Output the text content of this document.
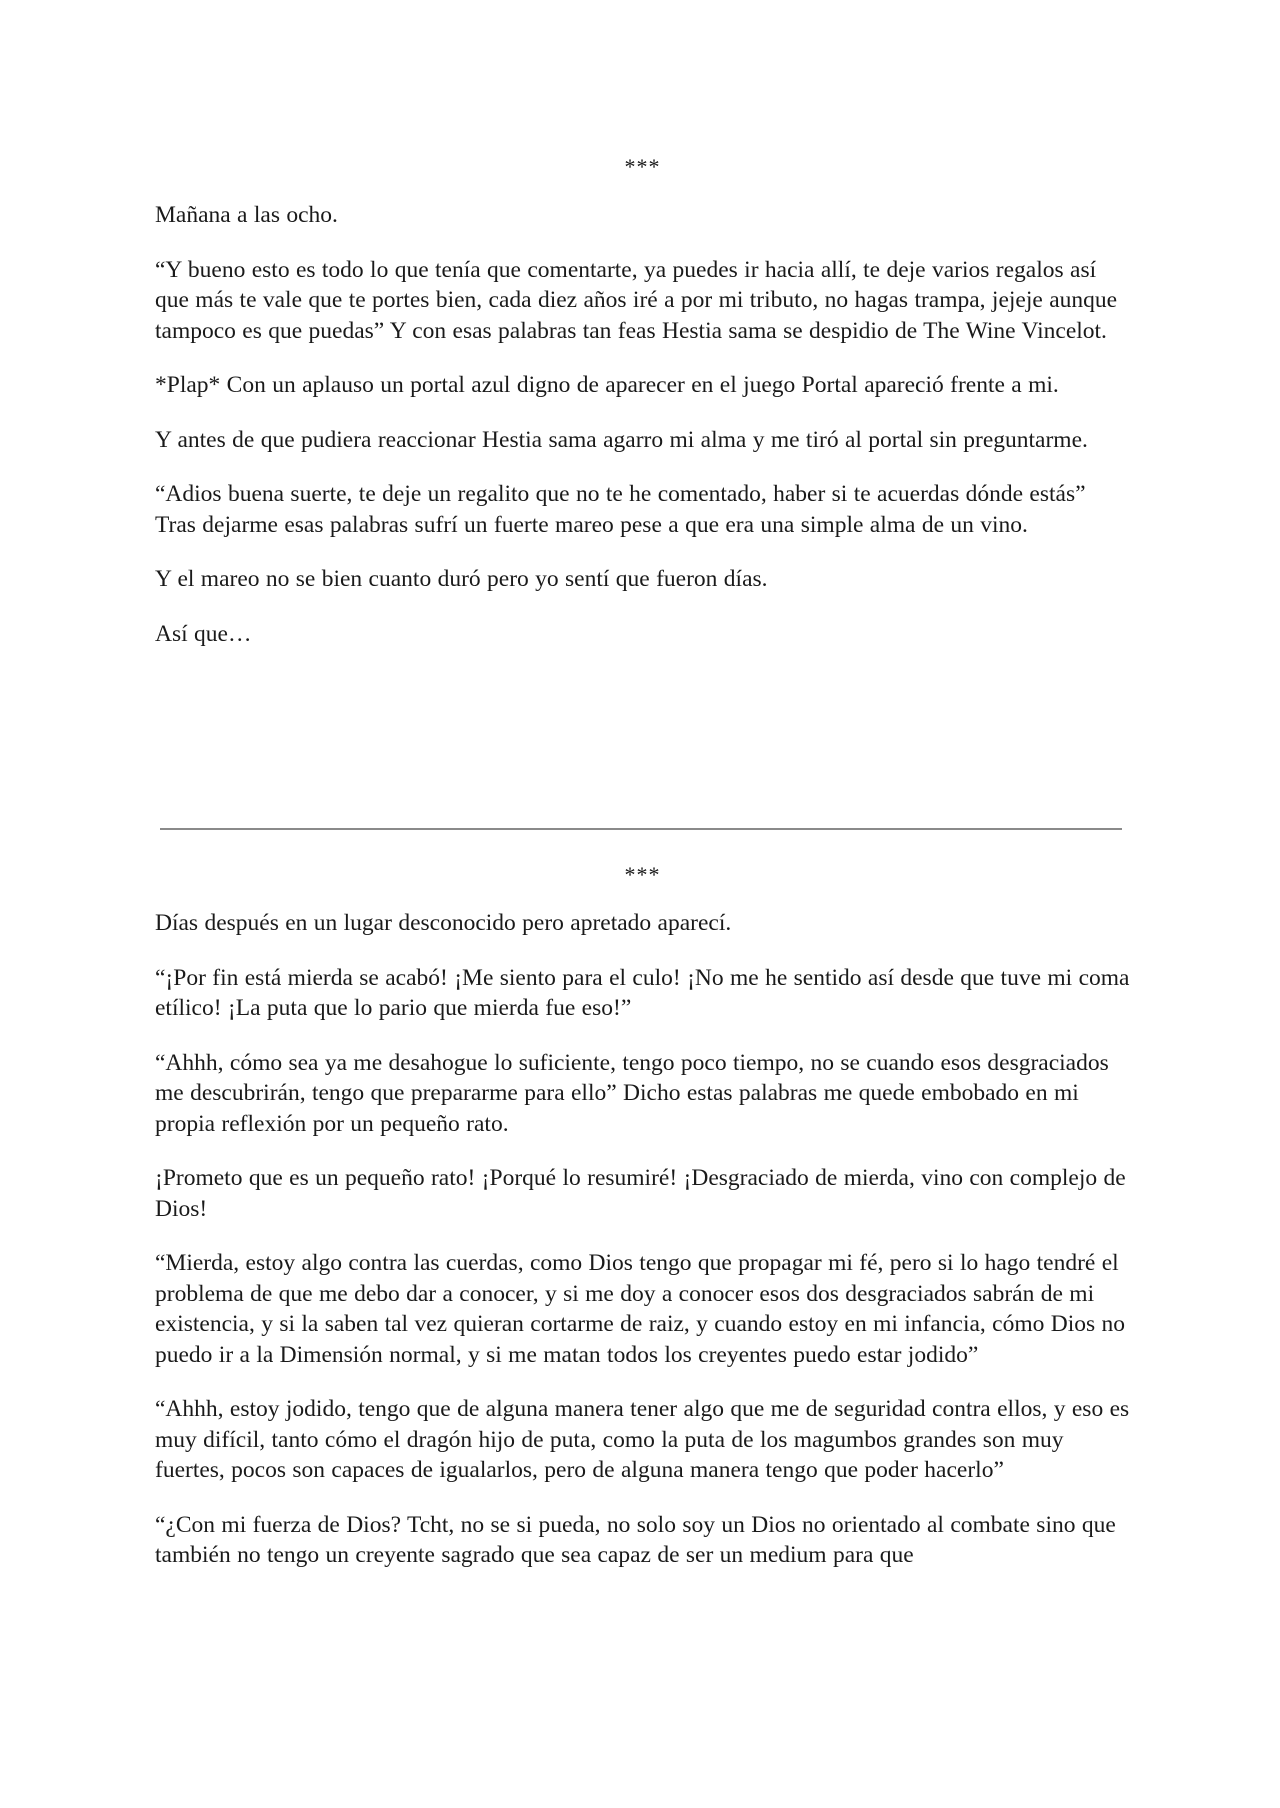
***

Mañana a las ocho.

“Y bueno esto es todo lo que tenía que comentarte, ya puedes ir hacia allí, te deje varios regalos así que más te vale que te portes bien, cada diez años iré a por mi tributo, no hagas trampa, jejeje aunque tampoco es que puedas” Y con esas palabras tan feas Hestia sama se despidio de The Wine Vincelot.

*Plap* Con un aplauso un portal azul digno de aparecer en el juego Portal apareció frente a mi.

Y antes de que pudiera reaccionar Hestia sama agarro mi alma y me tiró al portal sin preguntarme.

“Adios buena suerte, te deje un regalito que no te he comentado, haber si te acuerdas dónde estás” Tras dejarme esas palabras sufrí un fuerte mareo pese a que era una simple alma de un vino.

Y el mareo no se bien cuanto duró pero yo sentí que fueron días.

Así que…

***

Días después en un lugar desconocido pero apretado aparecí.

“¡Por fin está mierda se acabó! ¡Me siento para el culo! ¡No me he sentido así desde que tuve mi coma etílico! ¡La puta que lo pario que mierda fue eso!”

“Ahhh, cómo sea ya me desahogue lo suficiente, tengo poco tiempo, no se cuando esos desgraciados me descubrirán, tengo que prepararme para ello” Dicho estas palabras me quede embobado en mi propia reflexión por un pequeño rato.

¡Prometo que es un pequeño rato! ¡Porqué lo resumiré! ¡Desgraciado de mierda, vino con complejo de Dios!

“Mierda, estoy algo contra las cuerdas, como Dios tengo que propagar mi fé, pero si lo hago tendré el problema de que me debo dar a conocer, y si me doy a conocer esos dos desgraciados sabrán de mi existencia, y si la saben tal vez quieran cortarme de raiz, y cuando estoy en mi infancia, cómo Dios no puedo ir a la Dimensión normal, y si me matan todos los creyentes puedo estar jodido”

“Ahhh, estoy jodido, tengo que de alguna manera tener algo que me de seguridad contra ellos, y eso es muy difícil, tanto cómo el dragón hijo de puta, como la puta de los magumbos grandes son muy fuertes, pocos son capaces de igualarlos, pero de alguna manera tengo que poder hacerlo”

“¿Con mi fuerza de Dios? Tcht, no se si pueda, no solo soy un Dios no orientado al combate sino que también no tengo un creyente sagrado que sea capaz de ser un medium para que
